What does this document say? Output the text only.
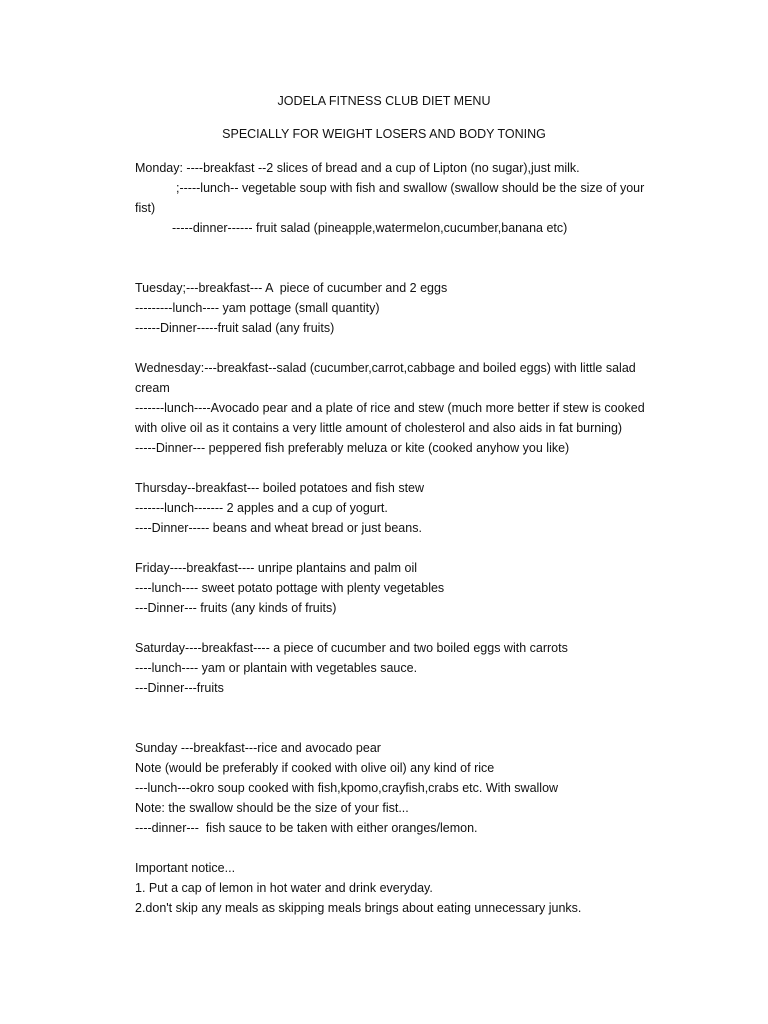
JODELA FITNESS CLUB DIET MENU
SPECIALLY FOR WEIGHT LOSERS AND BODY TONING
Monday: ----breakfast --2 slices of bread and a cup of Lipton (no sugar),just milk.
;-----lunch-- vegetable soup with fish and swallow (swallow should be the size of your
fist)
-----dinner------ fruit salad (pineapple,watermelon,cucumber,banana etc)
Tuesday;---breakfast--- A  piece of cucumber and 2 eggs
---------lunch---- yam pottage (small quantity)
------Dinner-----fruit salad (any fruits)
Wednesday:---breakfast--salad (cucumber,carrot,cabbage and boiled eggs) with little salad
cream
-------lunch----Avocado pear and a plate of rice and stew (much more better if stew is cooked
with olive oil as it contains a very little amount of cholesterol and also aids in fat burning)
-----Dinner--- peppered fish preferably meluza or kite (cooked anyhow you like)
Thursday--breakfast--- boiled potatoes and fish stew
-------lunch------- 2 apples and a cup of yogurt.
----Dinner----- beans and wheat bread or just beans.
Friday----breakfast---- unripe plantains and palm oil
----lunch---- sweet potato pottage with plenty vegetables
---Dinner--- fruits (any kinds of fruits)
Saturday----breakfast---- a piece of cucumber and two boiled eggs with carrots
----lunch---- yam or plantain with vegetables sauce.
---Dinner---fruits
Sunday ---breakfast---rice and avocado pear
Note (would be preferably if cooked with olive oil) any kind of rice
---lunch---okro soup cooked with fish,kpomo,crayfish,crabs etc. With swallow
Note: the swallow should be the size of your fist...
----dinner---  fish sauce to be taken with either oranges/lemon.
Important notice...
1. Put a cap of lemon in hot water and drink everyday.
2.don't skip any meals as skipping meals brings about eating unnecessary junks.
